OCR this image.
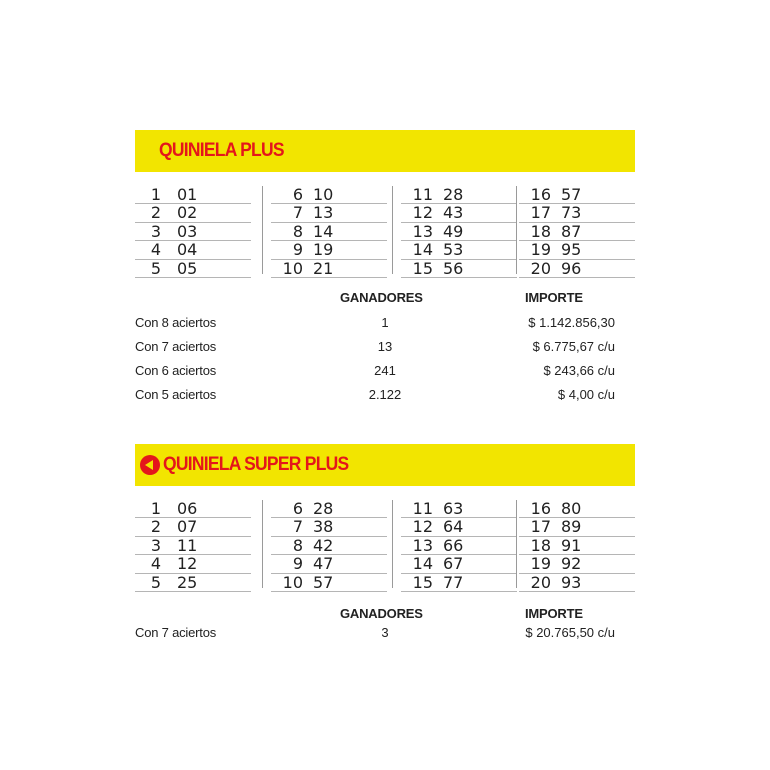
QUINIELA PLUS
1 01
2 02
3 03
4 04
5 05
6 10
7 13
8 14
9 19
10 21
11 28
12 43
13 49
14 53
15 56
16 57
17 73
18 87
19 95
20 96
GANADORES	IMPORTE
Con 8 aciertos	1	$ 1.142.856,30
Con 7 aciertos	13	$ 6.775,67 c/u
Con 6 aciertos	241	$ 243,66 c/u
Con 5 aciertos	2.122	$ 4,00 c/u
QUINIELA SUPER PLUS
1 06
2 07
3 11
4 12
5 25
6 28
7 38
8 42
9 47
10 57
11 63
12 64
13 66
14 67
15 77
16 80
17 89
18 91
19 92
20 93
GANADORES	IMPORTE
Con 7 aciertos	3	$ 20.765,50 c/u
